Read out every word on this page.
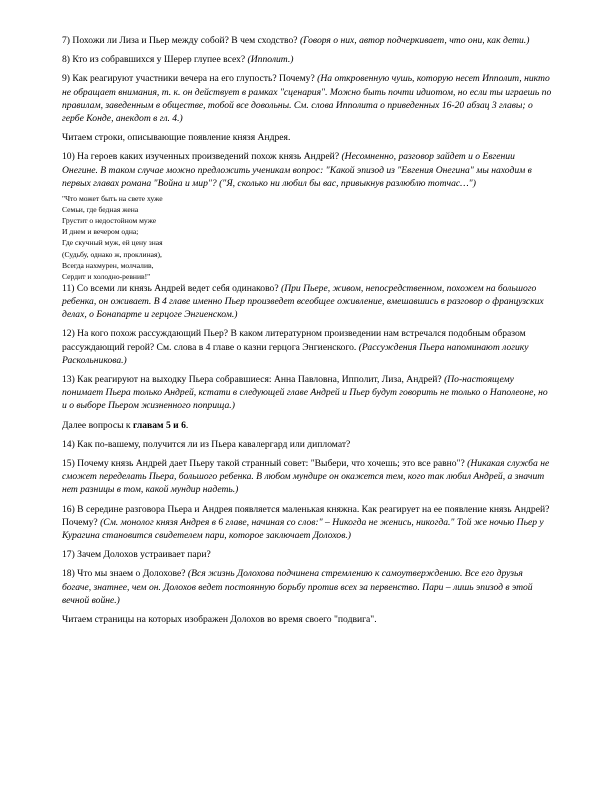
7) Похожи ли Лиза и Пьер между собой? В чем сходство? (Говоря о них, автор подчеркивает, что они, как дети.)

8) Кто из собравшихся у Шерер глупее всех? (Ипполит.)

9) Как реагируют участники вечера на его глупость? Почему? (На откровенную чушь, которую несет Ипполит, никто не обращает внимания, т. к. он действует в рамках "сценария". Можно быть почти идиотом, но если ты играешь по правилам, заведенным в обществе, тобой все довольны. См. слова Ипполита о приведенных 16-20 абзац 3 главы; о гербе Конде, анекдот в гл. 4.)

Читаем строки, описывающие появление князя Андрея.

10) На героев каких изученных произведений похож князь Андрей? (Несомненно, разговор зайдет и о Евгении Онегине. В таком случае можно предложить ученикам вопрос: "Какой эпизод из "Евгения Онегина" мы находим в первых главах романа "Война и мир"? ("Я, сколько ни любил бы вас, привыкнув разлюблю тотчас…")

"Что может быть на свете хуже
Семьи, где бедная жена
Грустит о недостойном муже
И днем и вечером одна;
Где скучный муж, ей цену зная
(Судьбу, однако ж, проклиная),
Всегда нахмурен, молчалив,
Сердит и холодно-ревнив!"

11) Со всеми ли князь Андрей ведет себя одинаково? (При Пьере, живом, непосредственном, похожем на большого ребенка, он оживает. В 4 главе именно Пьер произведет всеобщее оживление, вмешавшись в разговор о французских делах, о Бонапарте и герцоге Энгиенском.)

12) На кого похож рассуждающий Пьер? В каком литературном произведении нам встречался подобным образом рассуждающий герой? См. слова в 4 главе о казни герцога Энгиенского. (Рассуждения Пьера напоминают логику Раскольникова.)

13) Как реагируют на выходку Пьера собравшиеся: Анна Павловна, Ипполит, Лиза, Андрей? (По-настоящему понимает Пьера только Андрей, кстати в следующей главе Андрей и Пьер будут говорить не только о Наполеоне, но и о выборе Пьером жизненного поприща.)

Далее вопросы к главам 5 и 6.

14) Как по-вашему, получится ли из Пьера кавалергард или дипломат?

15) Почему князь Андрей дает Пьеру такой странный совет: "Выбери, что хочешь; это все равно"? (Никакая служба не сможет переделать Пьера, большого ребенка. В любом мундире он окажется тем, кого так любил Андрей, а значит нет разницы в том, какой мундир надеть.)

16) В середине разговора Пьера и Андрея появляется маленькая княжна. Как реагирует на ее появление князь Андрей? Почему? (См. монолог князя Андрея в 6 главе, начиная со слов:" – Никогда не женись, никогда." Той же ночью Пьер у Курагина становится свидетелем пари, которое заключает Долохов.)

17) Зачем Долохов устраивает пари?

18) Что мы знаем о Долохове? (Вся жизнь Долохова подчинена стремлению к самоутверждению. Все его друзья богаче, знатнее, чем он. Долохов ведет постоянную борьбу против всех за первенство. Пари – лишь эпизод в этой вечной войне.)

Читаем страницы на которых изображен Долохов во время своего "подвига".
